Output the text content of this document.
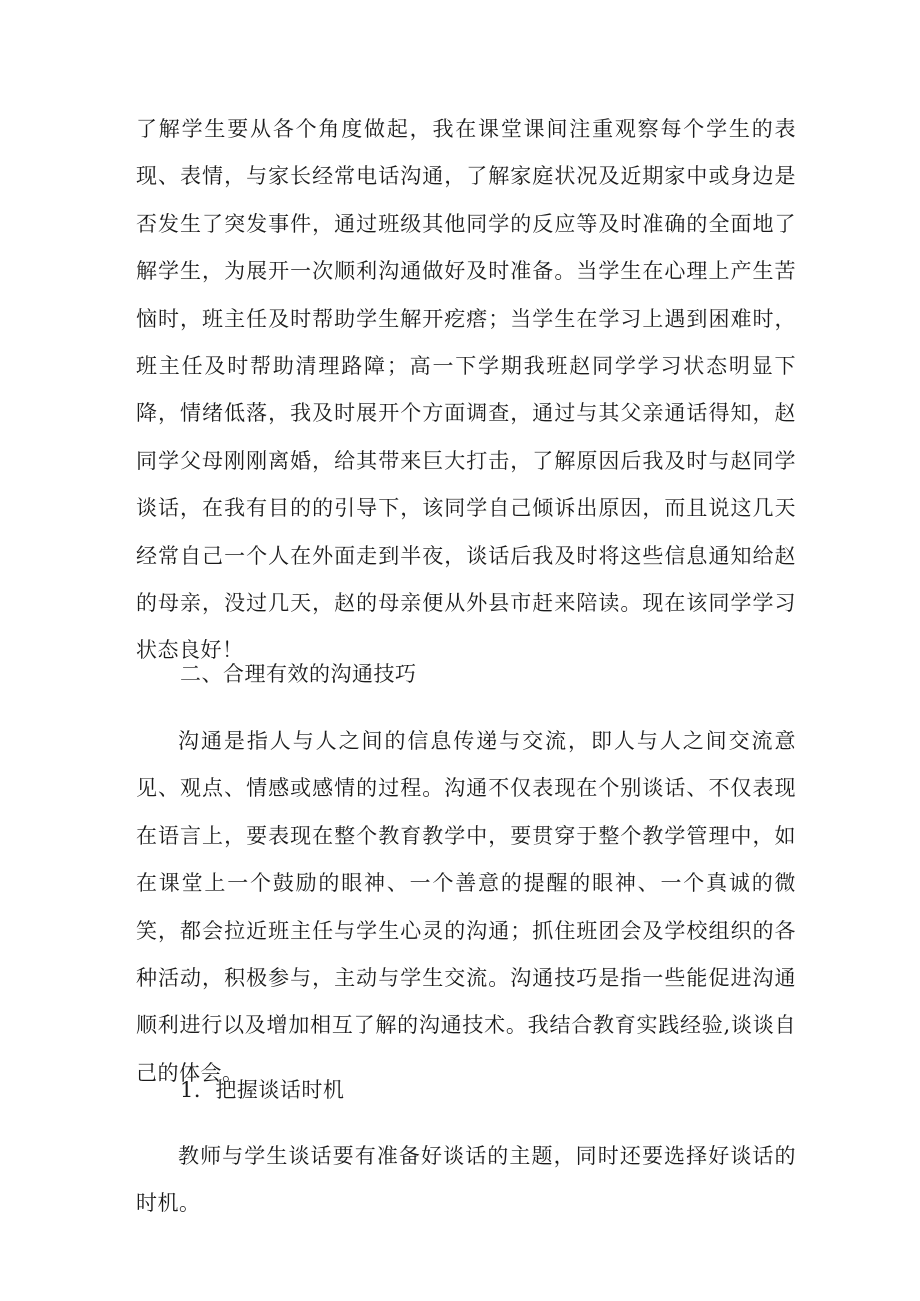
了解学生要从各个角度做起，我在课堂课间注重观察每个学生的表现、表情，与家长经常电话沟通，了解家庭状况及近期家中或身边是否发生了突发事件，通过班级其他同学的反应等及时准确的全面地了解学生，为展开一次顺利沟通做好及时准备。当学生在心理上产生苦恼时，班主任及时帮助学生解开疙瘩；当学生在学习上遇到困难时，班主任及时帮助清理路障；高一下学期我班赵同学学习状态明显下降，情绪低落，我及时展开个方面调查，通过与其父亲通话得知，赵同学父母刚刚离婚，给其带来巨大打击，了解原因后我及时与赵同学谈话，在我有目的的引导下，该同学自己倾诉出原因，而且说这几天经常自己一个人在外面走到半夜，谈话后我及时将这些信息通知给赵的母亲，没过几天，赵的母亲便从外县市赶来陪读。现在该同学学习状态良好！

二、合理有效的沟通技巧

沟通是指人与人之间的信息传递与交流，即人与人之间交流意见、观点、情感或感情的过程。沟通不仅表现在个别谈话、不仅表现在语言上，要表现在整个教育教学中，要贯穿于整个教学管理中，如在课堂上一个鼓励的眼神、一个善意的提醒的眼神、一个真诚的微笑，都会拉近班主任与学生心灵的沟通；抓住班团会及学校组织的各种活动，积极参与，主动与学生交流。沟通技巧是指一些能促进沟通顺利进行以及增加相互了解的沟通技术。我结合教育实践经验,谈谈自己的体会。

1．把握谈话时机

教师与学生谈话要有准备好谈话的主题，同时还要选择好谈话的时机。
